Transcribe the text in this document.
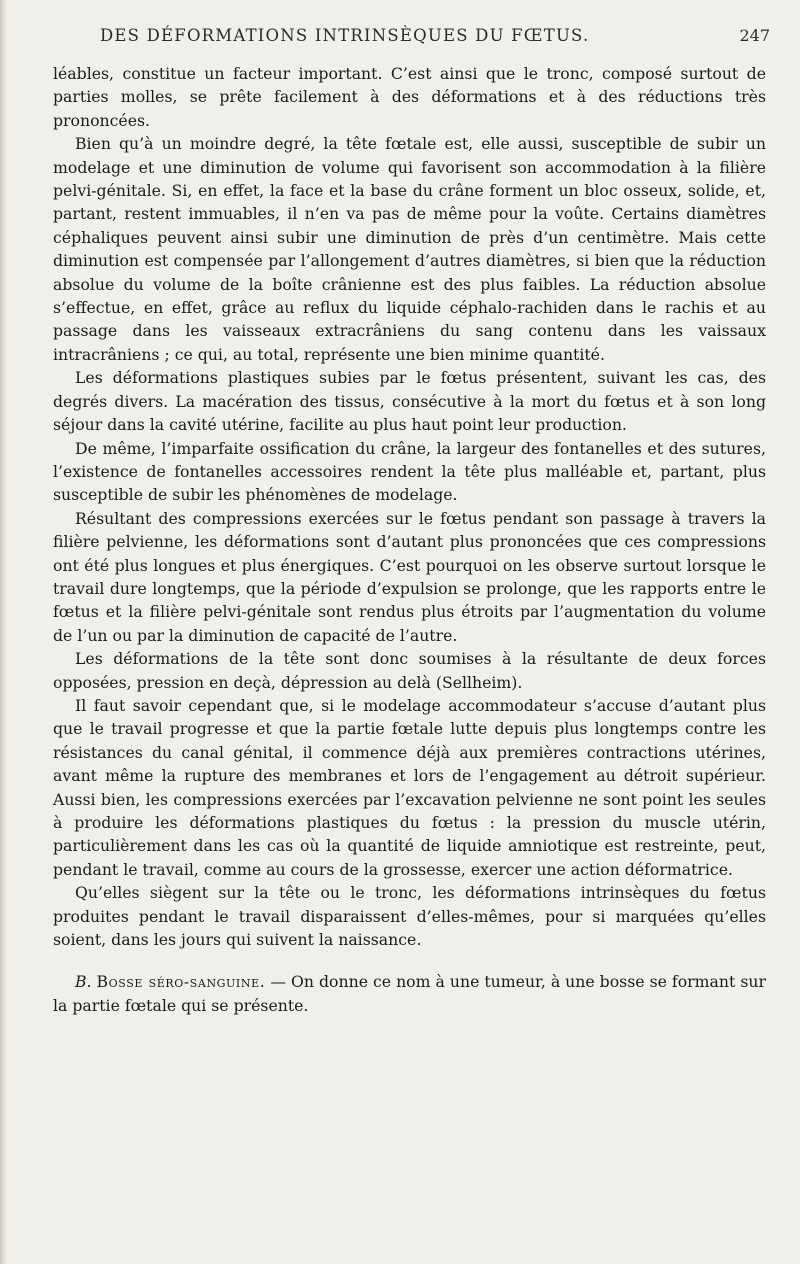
DES DÉFORMATIONS INTRINSÈQUES DU FŒTUS.	247

léables, constitue un facteur important. C’est ainsi que le tronc, composé surtout de parties molles, se prête facilement à des déformations et à des réductions très prononcées.

Bien qu’à un moindre degré, la tête fœtale est, elle aussi, susceptible de subir un modelage et une diminution de volume qui favorisent son accommodation à la filière pelvi-génitale. Si, en effet, la face et la base du crâne forment un bloc osseux, solide, et, partant, restent immuables, il n’en va pas de même pour la voûte. Certains diamètres céphaliques peuvent ainsi subir une diminution de près d’un centimètre. Mais cette diminution est compensée par l’allongement d’autres diamètres, si bien que la réduction absolue du volume de la boîte crânienne est des plus faibles. La réduction absolue s’effectue, en effet, grâce au reflux du liquide céphalo-rachiden dans le rachis et au passage dans les vaisseaux extracrâniens du sang contenu dans les vaissaux intracrâniens ; ce qui, au total, représente une bien minime quantité.

Les déformations plastiques subies par le fœtus présentent, suivant les cas, des degrés divers. La macération des tissus, consécutive à la mort du fœtus et à son long séjour dans la cavité utérine, facilite au plus haut point leur production.

De même, l’imparfaite ossification du crâne, la largeur des fontanelles et des sutures, l’existence de fontanelles accessoires rendent la tête plus malléable et, partant, plus susceptible de subir les phénomènes de modelage.

Résultant des compressions exercées sur le fœtus pendant son passage à travers la filière pelvienne, les déformations sont d’autant plus prononcées que ces compressions ont été plus longues et plus énergiques. C’est pourquoi on les observe surtout lorsque le travail dure longtemps, que la période d’expulsion se prolonge, que les rapports entre le fœtus et la filière pelvi-génitale sont rendus plus étroits par l’augmentation du volume de l’un ou par la diminution de capacité de l’autre.

Les déformations de la tête sont donc soumises à la résultante de deux forces opposées, pression en deçà, dépression au delà (Sellheim).

Il faut savoir cependant que, si le modelage accommodateur s’accuse d’autant plus que le travail progresse et que la partie fœtale lutte depuis plus longtemps contre les résistances du canal génital, il commence déjà aux premières contractions utérines, avant même la rupture des membranes et lors de l’engagement au détroit supérieur. Aussi bien, les compressions exercées par l’excavation pelvienne ne sont point les seules à produire les déformations plastiques du fœtus : la pression du muscle utérin, particulièrement dans les cas où la quantité de liquide amniotique est restreinte, peut, pendant le travail, comme au cours de la grossesse, exercer une action déformatrice.

Qu’elles siègent sur la tête ou le tronc, les déformations intrinsèques du fœtus produites pendant le travail disparaissent d’elles-mêmes, pour si marquées qu’elles soient, dans les jours qui suivent la naissance.

B. Bosse séro-sanguine. — On donne ce nom à une tumeur, à une bosse se formant sur la partie fœtale qui se présente.
